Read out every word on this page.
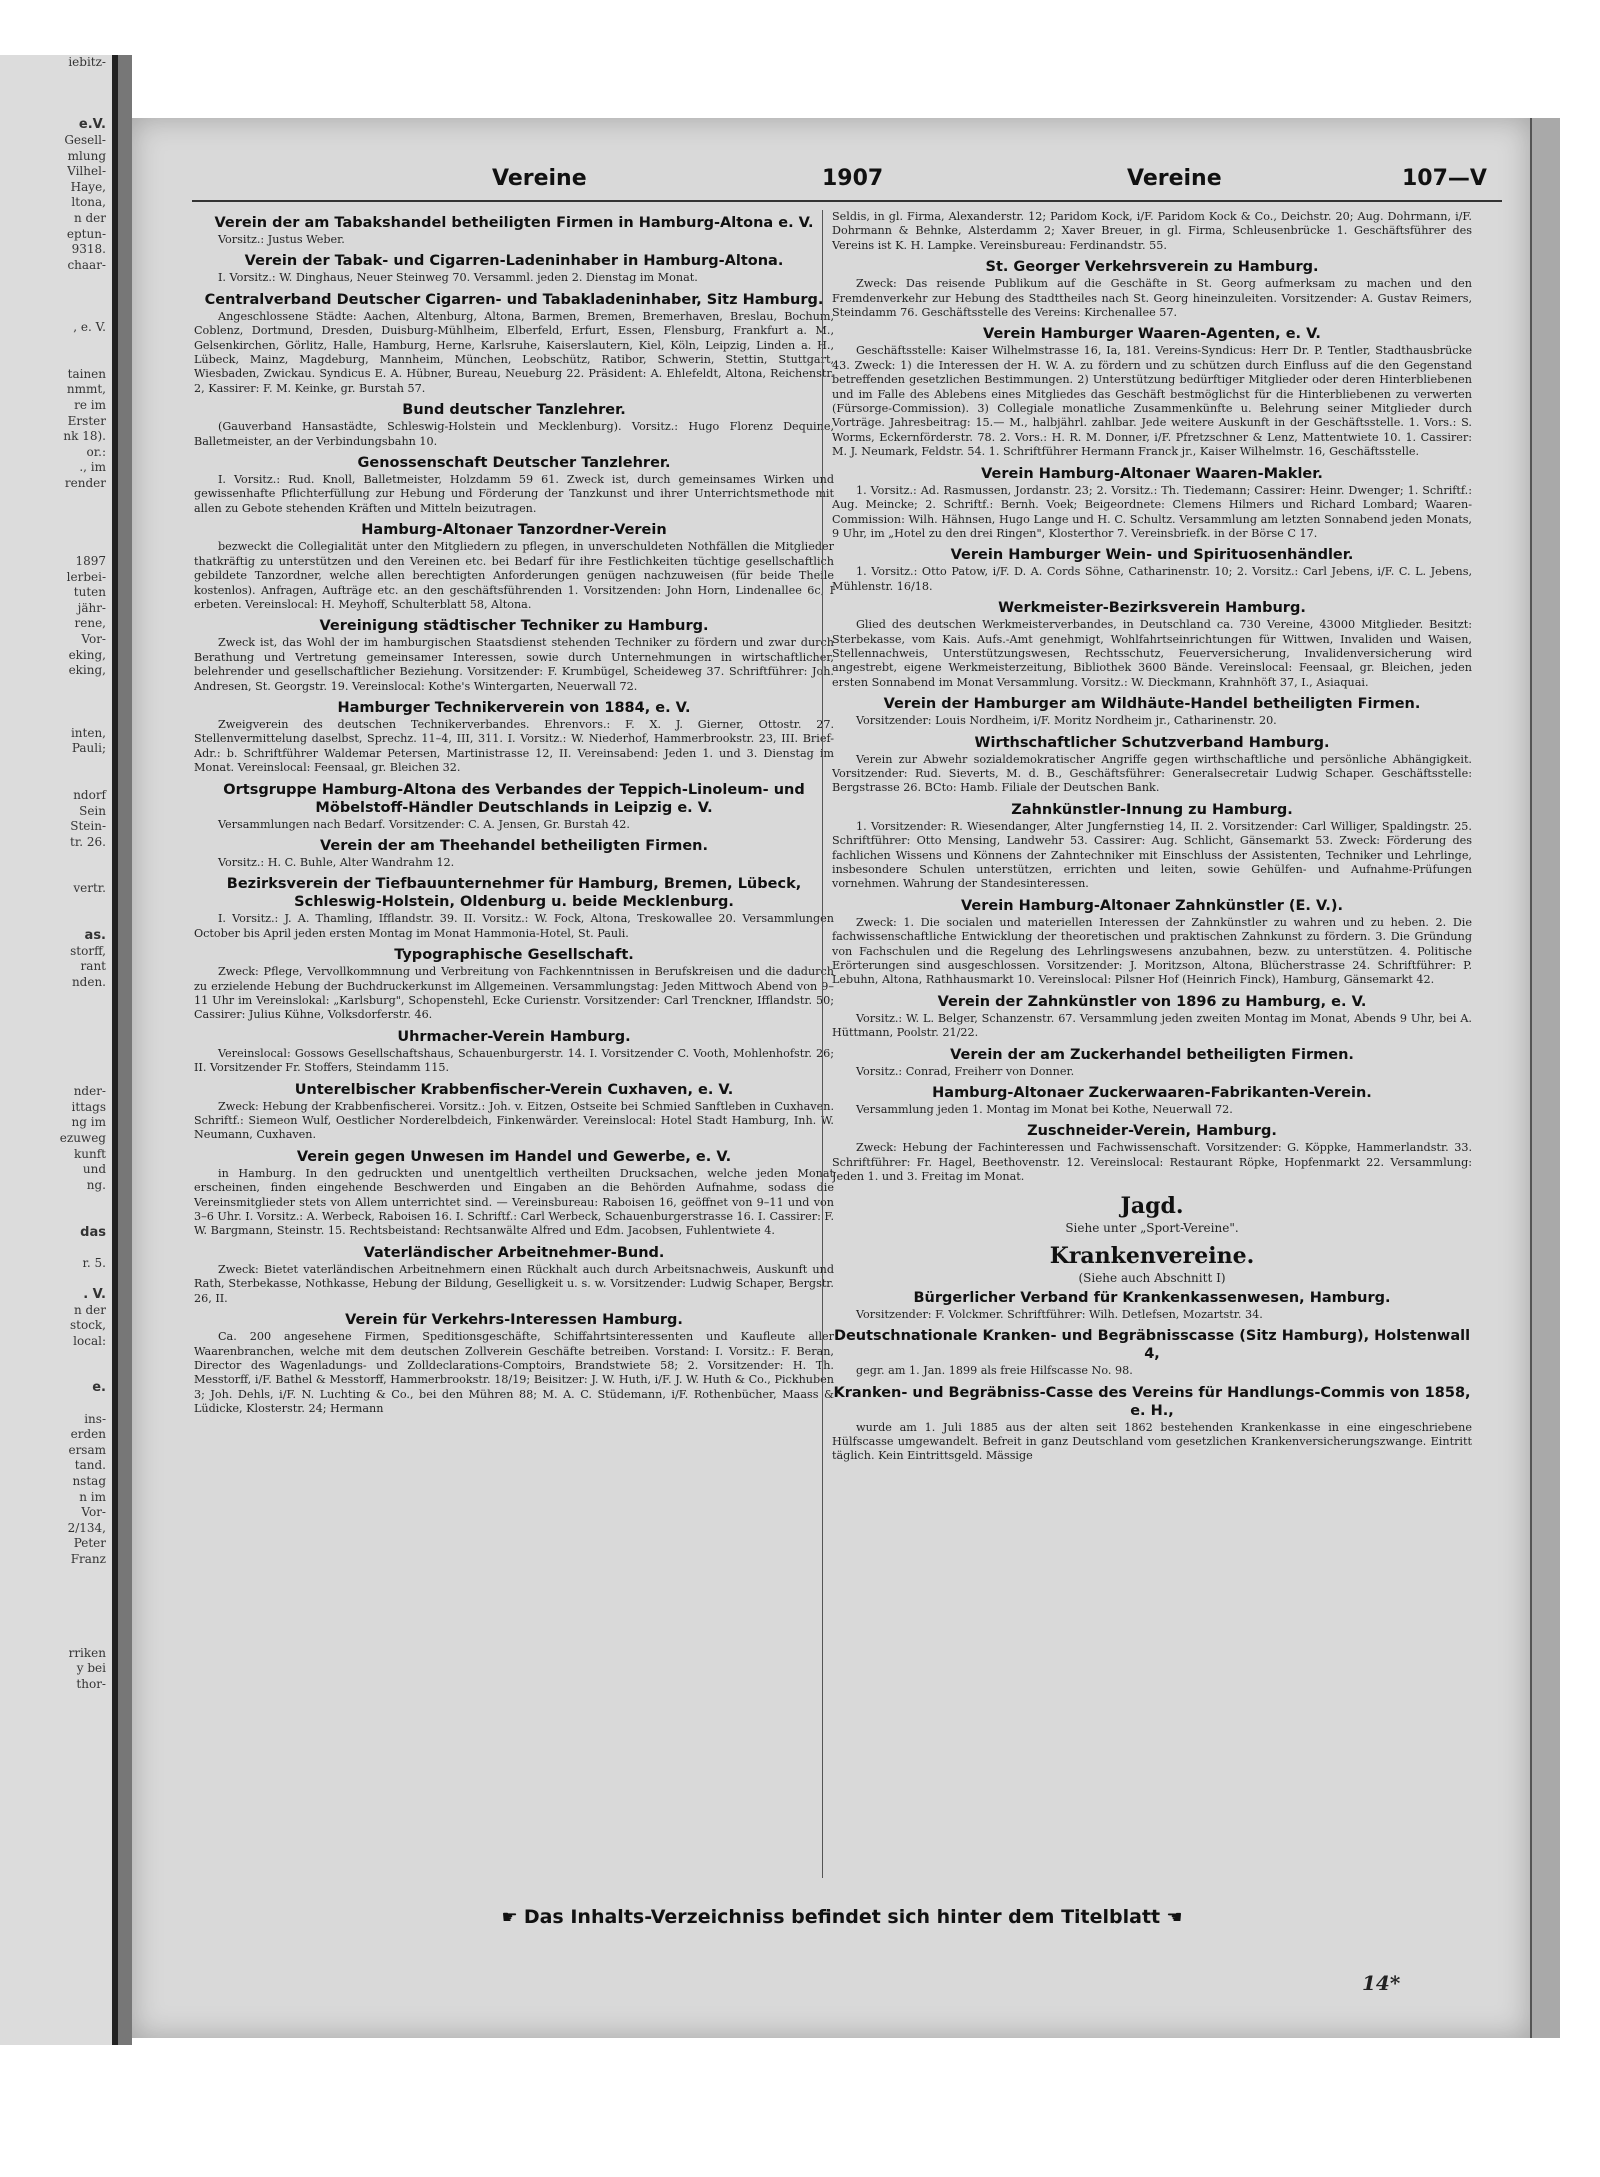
iebitz-
e.V.
Gesell-
mlung
Vilhel-
Haye,
ltona,
n der
eptun-
9318.
chaar-
, e. V.
tainen
nmmt,
re im
Erster
nk 18).
or.:
., im
render
1897
lerbei-
tuten
jähr-
rene,
Vor-
eking,
eking,
inten,
Pauli;
ndorf
Sein
Stein-
tr. 26.
vertr.
as.
storff,
rant
nden.
nder-
ittags
ng im
ezuweg
kunft
und
ng.
das
r. 5.
. V.
n der
stock,
local:
e.
ins-
erden
ersam
tand.
nstag
n im
Vor-
2/134,
Peter
Franz
rriken
y bei
thor-
Vereine	1907	Vereine	107—V
Verein der am Tabakshandel betheiligten Firmen in Hamburg-Altona e. V.

Vorsitz.: Justus Weber.

Verein der Tabak- und Cigarren-Ladeninhaber in Hamburg-Altona.

I. Vorsitz.: W. Dinghaus, Neuer Steinweg 70. Versamml. jeden 2. Dienstag im Monat.

Centralverband Deutscher Cigarren- und Tabakladeninhaber, Sitz Hamburg.

Angeschlossene Städte: Aachen, Altenburg, Altona, Barmen, Bremen, Bremerhaven, Breslau, Bochum, Coblenz, Dortmund, Dresden, Duisburg-Mühlheim, Elberfeld, Erfurt, Essen, Flensburg, Frankfurt a. M., Gelsenkirchen, Görlitz, Halle, Hamburg, Herne, Karlsruhe, Kaiserslautern, Kiel, Köln, Leipzig, Linden a. H., Lübeck, Mainz, Magdeburg, Mannheim, München, Leobschütz, Ratibor, Schwerin, Stettin, Stuttgart, Wiesbaden, Zwickau. Syndicus E. A. Hübner, Bureau, Neueburg 22. Präsident: A. Ehlefeldt, Altona, Reichenstr. 2, Kassirer: F. M. Keinke, gr. Burstah 57.

Bund deutscher Tanzlehrer.

(Gauverband Hansastädte, Schleswig-Holstein und Mecklenburg). Vorsitz.: Hugo Florenz Dequine, Balletmeister, an der Verbindungsbahn 10.

Genossenschaft Deutscher Tanzlehrer.

I. Vorsitz.: Rud. Knoll, Balletmeister, Holzdamm 59 61. Zweck ist, durch gemeinsames Wirken und gewissenhafte Pflichterfüllung zur Hebung und Förderung der Tanzkunst und ihrer Unterrichtsmethode mit allen zu Gebote stehenden Kräften und Mitteln beizutragen.

Hamburg-Altonaer Tanzordner-Verein

bezweckt die Collegialität unter den Mitgliedern zu pflegen, in unverschuldeten Nothfällen die Mitglieder thatkräftig zu unterstützen und den Vereinen etc. bei Bedarf für ihre Festlichkeiten tüchtige gesellschaftlich gebildete Tanzordner, welche allen berechtigten Anforderungen genügen nachzuweisen (für beide Theile kostenlos). Anfragen, Aufträge etc. an den geschäftsführenden 1. Vorsitzenden: John Horn, Lindenallee 6c, I erbeten. Vereinslocal: H. Meyhoff, Schulterblatt 58, Altona.

Vereinigung städtischer Techniker zu Hamburg.

Zweck ist, das Wohl der im hamburgischen Staatsdienst stehenden Techniker zu fördern und zwar durch Berathung und Vertretung gemeinsamer Interessen, sowie durch Unternehmungen in wirtschaftlicher, belehrender und gesellschaftlicher Beziehung. Vorsitzender: F. Krumbügel, Scheideweg 37. Schriftführer: Joh. Andresen, St. Georgstr. 19. Vereinslocal: Kothe's Wintergarten, Neuerwall 72.

Hamburger Technikerverein von 1884, e. V.

Zweigverein des deutschen Technikerverbandes. Ehrenvors.: F. X. J. Gierner, Ottostr. 27. Stellenvermittelung daselbst, Sprechz. 11–4, III, 311. I. Vorsitz.: W. Niederhof, Hammerbrookstr. 23, III. Brief-Adr.: b. Schriftführer Waldemar Petersen, Martinistrasse 12, II. Vereinsabend: Jeden 1. und 3. Dienstag im Monat. Vereinslocal: Feensaal, gr. Bleichen 32.

Ortsgruppe Hamburg-Altona des Verbandes der Teppich-Linoleum- und Möbelstoff-Händler Deutschlands in Leipzig e. V.

Versammlungen nach Bedarf. Vorsitzender: C. A. Jensen, Gr. Burstah 42.

Verein der am Theehandel betheiligten Firmen.

Vorsitz.: H. C. Buhle, Alter Wandrahm 12.

Bezirksverein der Tiefbauunternehmer für Hamburg, Bremen, Lübeck, Schleswig-Holstein, Oldenburg u. beide Mecklenburg.

I. Vorsitz.: J. A. Thamling, Ifflandstr. 39. II. Vorsitz.: W. Fock, Altona, Treskowallee 20. Versammlungen October bis April jeden ersten Montag im Monat Hammonia-Hotel, St. Pauli.

Typographische Gesellschaft.

Zweck: Pflege, Vervollkommnung und Verbreitung von Fachkenntnissen in Berufskreisen und die dadurch zu erzielende Hebung der Buchdruckerkunst im Allgemeinen. Versammlungstag: Jeden Mittwoch Abend von 9–11 Uhr im Vereinslokal: „Karlsburg", Schopenstehl, Ecke Curienstr. Vorsitzender: Carl Trenckner, Ifflandstr. 50; Cassirer: Julius Kühne, Volksdorferstr. 46.

Uhrmacher-Verein Hamburg.

Vereinslocal: Gossows Gesellschaftshaus, Schauenburgerstr. 14. I. Vorsitzender C. Vooth, Mohlenhofstr. 26; II. Vorsitzender Fr. Stoffers, Steindamm 115.

Unterelbischer Krabbenfischer-Verein Cuxhaven, e. V.

Zweck: Hebung der Krabbenfischerei. Vorsitz.: Joh. v. Eitzen, Ostseite bei Schmied Sanftleben in Cuxhaven. Schriftf.: Siemeon Wulf, Oestlicher Norderelbdeich, Finkenwärder. Vereinslocal: Hotel Stadt Hamburg, Inh. W. Neumann, Cuxhaven.

Verein gegen Unwesen im Handel und Gewerbe, e. V.

in Hamburg. In den gedruckten und unentgeltlich vertheilten Drucksachen, welche jeden Monat erscheinen, finden eingehende Beschwerden und Eingaben an die Behörden Aufnahme, sodass die Vereinsmitglieder stets von Allem unterrichtet sind. — Vereinsbureau: Raboisen 16, geöffnet von 9–11 und von 3–6 Uhr. I. Vorsitz.: A. Werbeck, Raboisen 16. I. Schriftf.: Carl Werbeck, Schauenburgerstrasse 16. I. Cassirer: F. W. Bargmann, Steinstr. 15. Rechtsbeistand: Rechtsanwälte Alfred und Edm. Jacobsen, Fuhlentwiete 4.

Vaterländischer Arbeitnehmer-Bund.

Zweck: Bietet vaterländischen Arbeitnehmern einen Rückhalt auch durch Arbeitsnachweis, Auskunft und Rath, Sterbekasse, Nothkasse, Hebung der Bildung, Geselligkeit u. s. w. Vorsitzender: Ludwig Schaper, Bergstr. 26, II.

Verein für Verkehrs-Interessen Hamburg.

Ca. 200 angesehene Firmen, Speditionsgeschäfte, Schiffahrtsinteressenten und Kaufleute aller Waarenbranchen, welche mit dem deutschen Zollverein Geschäfte betreiben. Vorstand: I. Vorsitz.: F. Beran, Director des Wagenladungs- und Zolldeclarations-Comptoirs, Brandstwiete 58; 2. Vorsitzender: H. Th. Messtorff, i/F. Bathel & Messtorff, Hammerbrookstr. 18/19; Beisitzer: J. W. Huth, i/F. J. W. Huth & Co., Pickhuben 3; Joh. Dehls, i/F. N. Luchting & Co., bei den Mühren 88; M. A. C. Stüdemann, i/F. Rothenbücher, Maass & Lüdicke, Klosterstr. 24; Hermann

Seldis, in gl. Firma, Alexanderstr. 12; Paridom Kock, i/F. Paridom Kock & Co., Deichstr. 20; Aug. Dohrmann, i/F. Dohrmann & Behnke, Alsterdamm 2; Xaver Breuer, in gl. Firma, Schleusenbrücke 1. Geschäftsführer des Vereins ist K. H. Lampke. Vereinsbureau: Ferdinandstr. 55.

St. Georger Verkehrsverein zu Hamburg.

Zweck: Das reisende Publikum auf die Geschäfte in St. Georg aufmerksam zu machen und den Fremdenverkehr zur Hebung des Stadttheiles nach St. Georg hineinzuleiten. Vorsitzender: A. Gustav Reimers, Steindamm 76. Geschäftsstelle des Vereins: Kirchenallee 57.

Verein Hamburger Waaren-Agenten, e. V.

Geschäftsstelle: Kaiser Wilhelmstrasse 16, Ia, 181. Vereins-Syndicus: Herr Dr. P. Tentler, Stadthausbrücke 43. Zweck: 1) die Interessen der H. W. A. zu fördern und zu schützen durch Einfluss auf die den Gegenstand betreffenden gesetzlichen Bestimmungen. 2) Unterstützung bedürftiger Mitglieder oder deren Hinterbliebenen und im Falle des Ablebens eines Mitgliedes das Geschäft bestmöglichst für die Hinterbliebenen zu verwerten (Fürsorge-Commission). 3) Collegiale monatliche Zusammenkünfte u. Belehrung seiner Mitglieder durch Vorträge. Jahresbeitrag: 15.— M., halbjährl. zahlbar. Jede weitere Auskunft in der Geschäftsstelle. 1. Vors.: S. Worms, Eckernförderstr. 78. 2. Vors.: H. R. M. Donner, i/F. Pfretzschner & Lenz, Mattentwiete 10. 1. Cassirer: M. J. Neumark, Feldstr. 54. 1. Schriftführer Hermann Franck jr., Kaiser Wilhelmstr. 16, Geschäftsstelle.

Verein Hamburg-Altonaer Waaren-Makler.

1. Vorsitz.: Ad. Rasmussen, Jordanstr. 23; 2. Vorsitz.: Th. Tiedemann; Cassirer: Heinr. Dwenger; 1. Schriftf.: Aug. Meincke; 2. Schriftf.: Bernh. Voek; Beigeordnete: Clemens Hilmers und Richard Lombard; Waaren-Commission: Wilh. Hähnsen, Hugo Lange und H. C. Schultz. Versammlung am letzten Sonnabend jeden Monats, 9 Uhr, im „Hotel zu den drei Ringen", Klosterthor 7. Vereinsbriefk. in der Börse C 17.

Verein Hamburger Wein- und Spirituosenhändler.

1. Vorsitz.: Otto Patow, i/F. D. A. Cords Söhne, Catharinenstr. 10; 2. Vorsitz.: Carl Jebens, i/F. C. L. Jebens, Mühlenstr. 16/18.

Werkmeister-Bezirksverein Hamburg.

Glied des deutschen Werkmeisterverbandes, in Deutschland ca. 730 Vereine, 43000 Mitglieder. Besitzt: Sterbekasse, vom Kais. Aufs.-Amt genehmigt, Wohlfahrtseinrichtungen für Wittwen, Invaliden und Waisen, Stellennachweis, Unterstützungswesen, Rechtsschutz, Feuerversicherung, Invalidenversicherung wird angestrebt, eigene Werkmeisterzeitung, Bibliothek 3600 Bände. Vereinslocal: Feensaal, gr. Bleichen, jeden ersten Sonnabend im Monat Versammlung. Vorsitz.: W. Dieckmann, Krahnhöft 37, I., Asiaquai.

Verein der Hamburger am Wildhäute-Handel betheiligten Firmen.

Vorsitzender: Louis Nordheim, i/F. Moritz Nordheim jr., Catharinenstr. 20.

Wirthschaftlicher Schutzverband Hamburg.

Verein zur Abwehr sozialdemokratischer Angriffe gegen wirthschaftliche und persönliche Abhängigkeit. Vorsitzender: Rud. Sieverts, M. d. B., Geschäftsführer: Generalsecretair Ludwig Schaper. Geschäftsstelle: Bergstrasse 26. BCto: Hamb. Filiale der Deutschen Bank.

Zahnkünstler-Innung zu Hamburg.

1. Vorsitzender: R. Wiesendanger, Alter Jungfernstieg 14, II. 2. Vorsitzender: Carl Williger, Spaldingstr. 25. Schriftführer: Otto Mensing, Landwehr 53. Cassirer: Aug. Schlicht, Gänsemarkt 53. Zweck: Förderung des fachlichen Wissens und Könnens der Zahntechniker mit Einschluss der Assistenten, Techniker und Lehrlinge, insbesondere Schulen unterstützen, errichten und leiten, sowie Gehülfen- und Aufnahme-Prüfungen vornehmen. Wahrung der Standesinteressen.

Verein Hamburg-Altonaer Zahnkünstler (E. V.).

Zweck: 1. Die socialen und materiellen Interessen der Zahnkünstler zu wahren und zu heben. 2. Die fachwissenschaftliche Entwicklung der theoretischen und praktischen Zahnkunst zu fördern. 3. Die Gründung von Fachschulen und die Regelung des Lehrlingswesens anzubahnen, bezw. zu unterstützen. 4. Politische Erörterungen sind ausgeschlossen. Vorsitzender: J. Moritzson, Altona, Blücherstrasse 24. Schriftführer: P. Lebuhn, Altona, Rathhausmarkt 10. Vereinslocal: Pilsner Hof (Heinrich Finck), Hamburg, Gänsemarkt 42.

Verein der Zahnkünstler von 1896 zu Hamburg, e. V.

Vorsitz.: W. L. Belger, Schanzenstr. 67. Versammlung jeden zweiten Montag im Monat, Abends 9 Uhr, bei A. Hüttmann, Poolstr. 21/22.

Verein der am Zuckerhandel betheiligten Firmen.

Vorsitz.: Conrad, Freiherr von Donner.

Hamburg-Altonaer Zuckerwaaren-Fabrikanten-Verein.

Versammlung jeden 1. Montag im Monat bei Kothe, Neuerwall 72.

Zuschneider-Verein, Hamburg.

Zweck: Hebung der Fachinteressen und Fachwissenschaft. Vorsitzender: G. Köppke, Hammerlandstr. 33. Schriftführer: Fr. Hagel, Beethovenstr. 12. Vereinslocal: Restaurant Röpke, Hopfenmarkt 22. Versammlung: Jeden 1. und 3. Freitag im Monat.

Jagd.
Siehe unter „Sport-Vereine".
Krankenvereine.
(Siehe auch Abschnitt I)
Bürgerlicher Verband für Krankenkassenwesen, Hamburg.

Vorsitzender: F. Volckmer. Schriftführer: Wilh. Detlefsen, Mozartstr. 34.

Deutschnationale Kranken- und Begräbnisscasse (Sitz Hamburg), Holstenwall 4,

gegr. am 1. Jan. 1899 als freie Hilfscasse No. 98.

Kranken- und Begräbniss-Casse des Vereins für Handlungs-Commis von 1858, e. H.,

wurde am 1. Juli 1885 aus der alten seit 1862 bestehenden Krankenkasse in eine eingeschriebene Hülfscasse umgewandelt. Befreit in ganz Deutschland vom gesetzlichen Krankenversicherungszwange. Eintritt täglich. Kein Eintrittsgeld. Mässige

☛ Das Inhalts-Verzeichniss befindet sich hinter dem Titelblatt ☚
14*
